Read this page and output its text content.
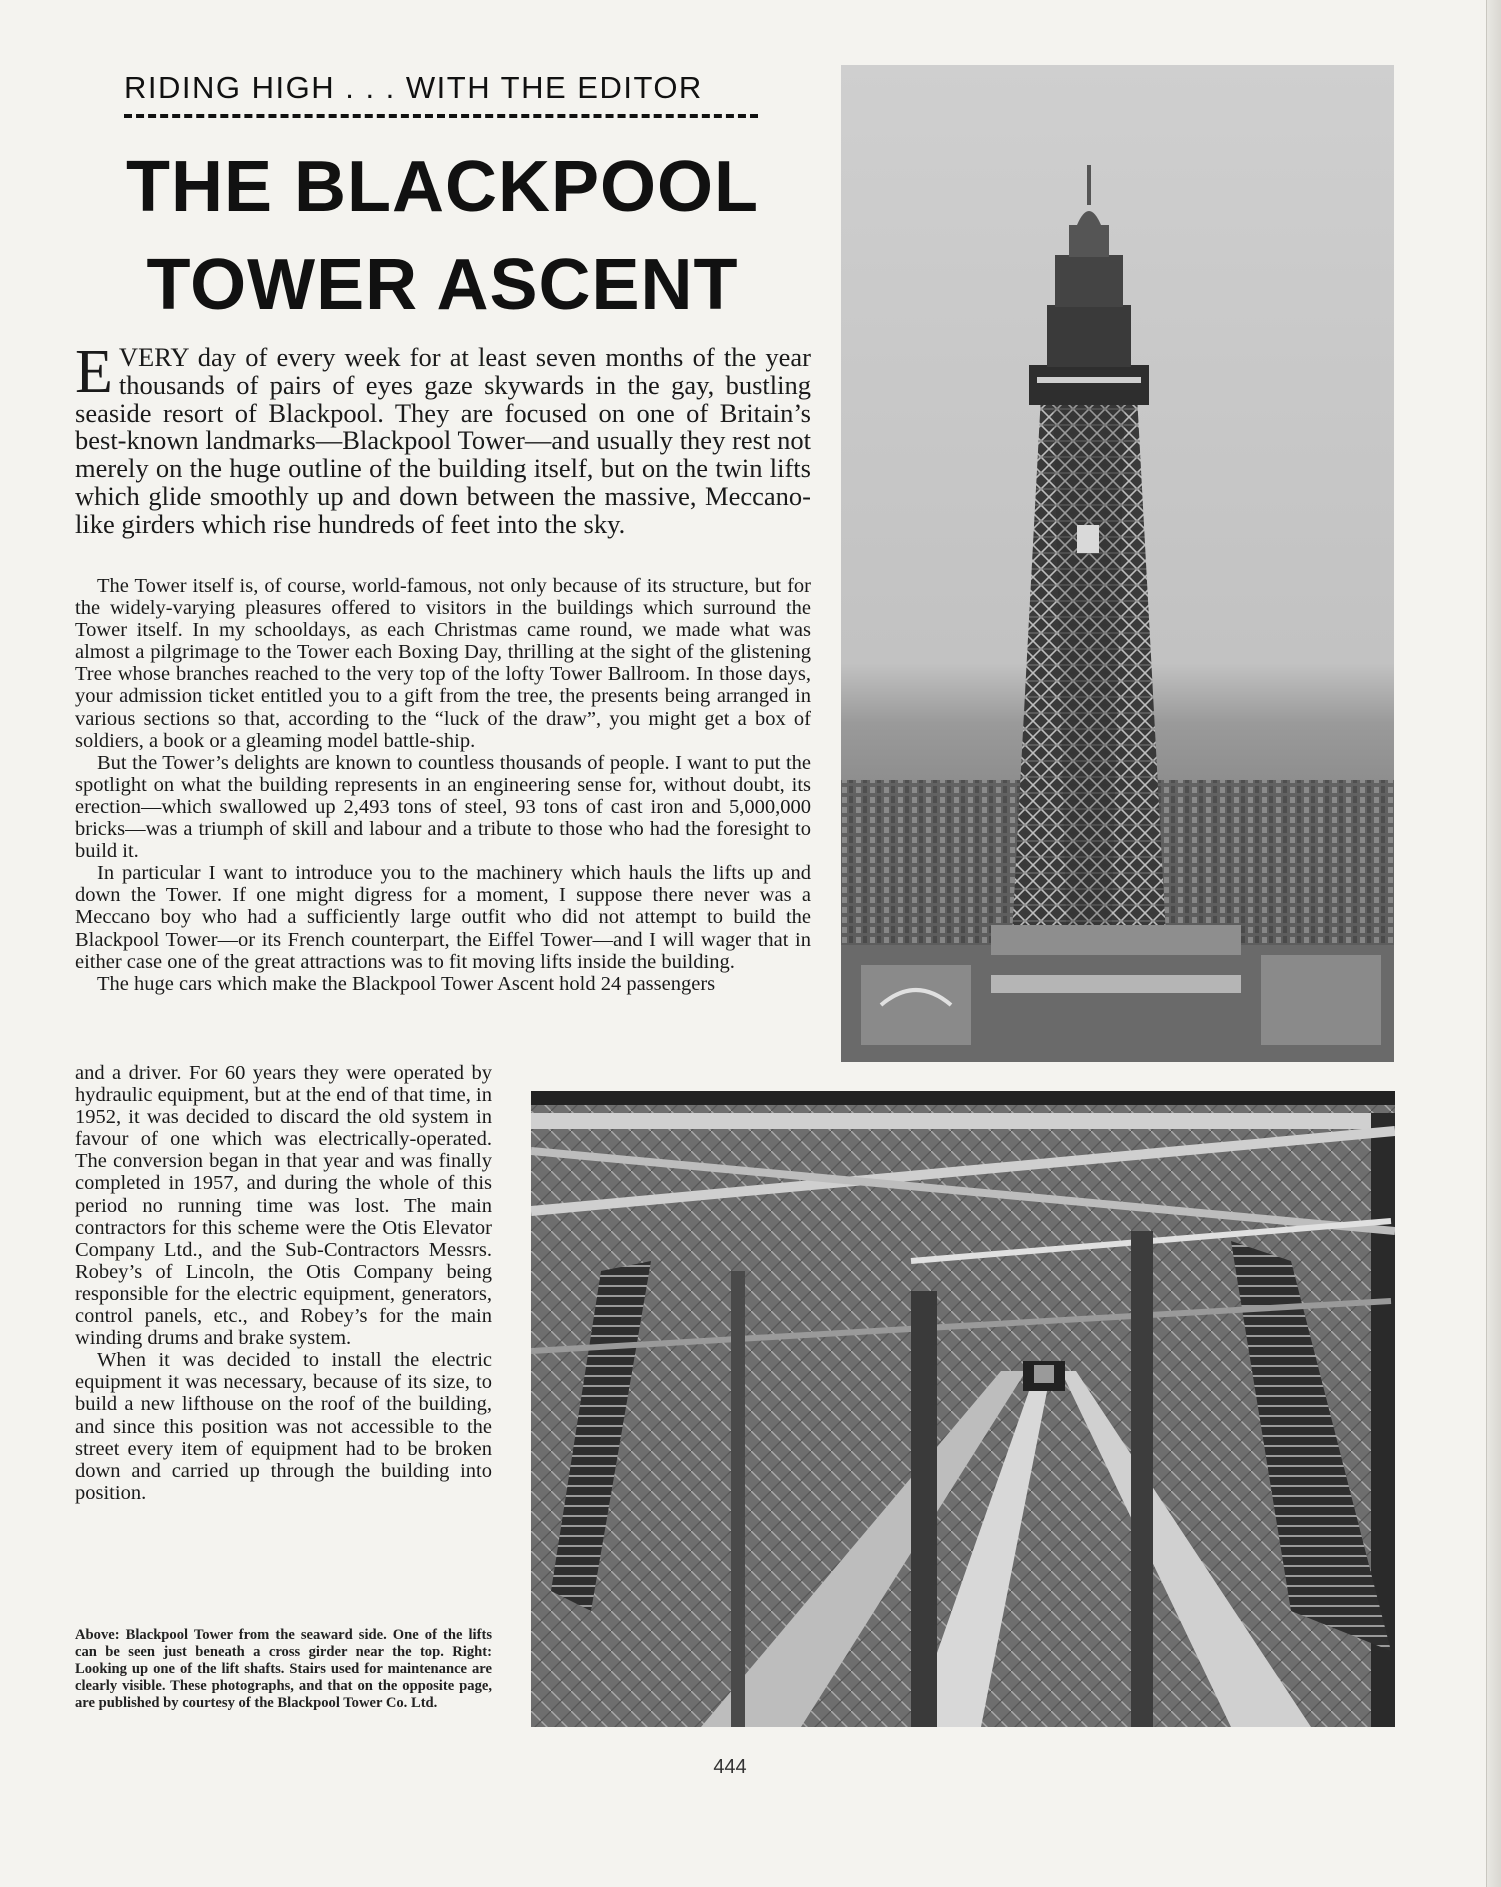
RIDING HIGH . . . WITH THE EDITOR
THE BLACKPOOL
TOWER ASCENT

EVERY day of every week for at least seven months of the year thousands of pairs of eyes gaze skywards in the gay, bustling seaside resort of Blackpool. They are focused on one of Britain’s best-known landmarks—Blackpool Tower—and usually they rest not merely on the huge outline of the building itself, but on the twin lifts which glide smoothly up and down between the massive, Meccano-like girders which rise hundreds of feet into the sky.

The Tower itself is, of course, world-famous, not only because of its structure, but for the widely-varying pleasures offered to visitors in the buildings which surround the Tower itself. In my schooldays, as each Christmas came round, we made what was almost a pilgrimage to the Tower each Boxing Day, thrilling at the sight of the glistening Tree whose branches reached to the very top of the lofty Tower Ballroom. In those days, your admission ticket entitled you to a gift from the tree, the presents being arranged in various sections so that, according to the “luck of the draw”, you might get a box of soldiers, a book or a gleaming model battle-ship.

But the Tower’s delights are known to countless thousands of people. I want to put the spotlight on what the building represents in an engineering sense for, without doubt, its erection—which swallowed up 2,493 tons of steel, 93 tons of cast iron and 5,000,000 bricks—was a triumph of skill and labour and a tribute to those who had the foresight to build it.

In particular I want to introduce you to the machinery which hauls the lifts up and down the Tower. If one might digress for a moment, I suppose there never was a Meccano boy who had a sufficiently large outfit who did not attempt to build the Blackpool Tower—or its French counterpart, the Eiffel Tower—and I will wager that in either case one of the great attractions was to fit moving lifts inside the building.

The huge cars which make the Blackpool Tower Ascent hold 24 passengers

and a driver. For 60 years they were operated by hydraulic equipment, but at the end of that time, in 1952, it was decided to discard the old system in favour of one which was electrically-operated. The conversion began in that year and was finally completed in 1957, and during the whole of this period no running time was lost. The main contractors for this scheme were the Otis Elevator Company Ltd., and the Sub-Contractors Messrs. Robey’s of Lincoln, the Otis Company being responsible for the electric equipment, generators, control panels, etc., and Robey’s for the main winding drums and brake system.

When it was decided to install the electric equipment it was necessary, because of its size, to build a new lifthouse on the roof of the building, and since this position was not accessible to the street every item of equipment had to be broken down and carried up through the building into position.

Above: Blackpool Tower from the seaward side. One of the lifts can be seen just beneath a cross girder near the top. Right: Looking up one of the lift shafts. Stairs used for maintenance are clearly visible. These photographs, and that on the opposite page, are published by courtesy of the Blackpool Tower Co. Ltd.
444
